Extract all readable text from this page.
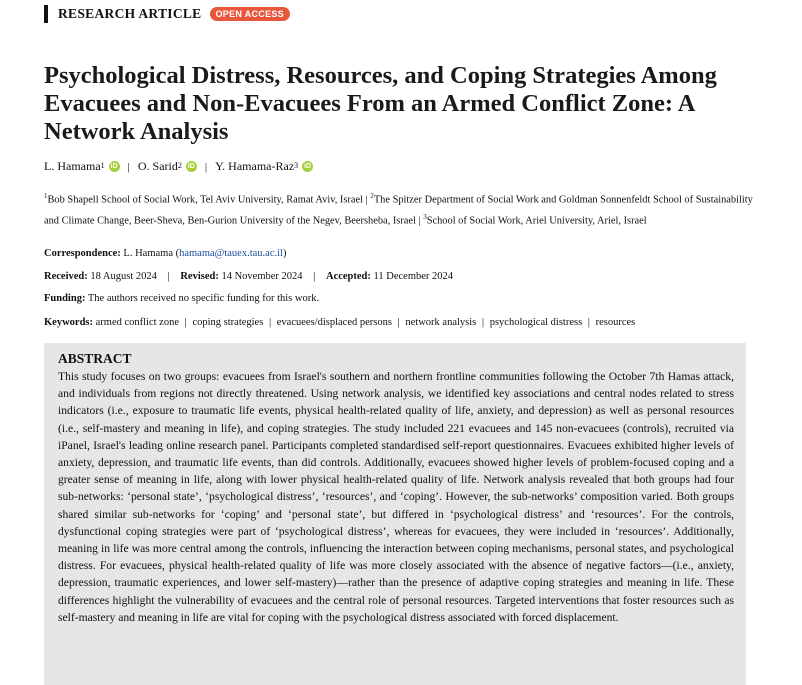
RESEARCH ARTICLE	OPEN ACCESS
Psychological Distress, Resources, and Coping Strategies Among Evacuees and Non-Evacuees From an Armed Conflict Zone: A Network Analysis
L. Hamama$^1$ iD | O. Sarid$^2$ iD | Y. Hamama-Raz$^3$ iD
$^1$Bob Shapell School of Social Work, Tel Aviv University, Ramat Aviv, Israel | $^2$The Spitzer Department of Social Work and Goldman Sonnenfeldt School of Sustainability and Climate Change, Beer-Sheva, Ben-Gurion University of the Negev, Beersheba, Israel | $^3$School of Social Work, Ariel University, Ariel, Israel
Correspondence: L. Hamama (hamama@tauex.tau.ac.il)
Received: 18 August 2024 | Revised: 14 November 2024 | Accepted: 11 December 2024
Funding: The authors received no specific funding for this work.
Keywords: armed conflict zone | coping strategies | evacuees/displaced persons | network analysis | psychological distress | resources
ABSTRACT

This study focuses on two groups: evacuees from Israel's southern and northern frontline communities following the October 7th Hamas attack, and individuals from regions not directly threatened. Using network analysis, we identified key associations and central nodes related to stress indicators (i.e., exposure to traumatic life events, physical health-related quality of life, anxiety, and depression) as well as personal resources (i.e., self-mastery and meaning in life), and coping strategies. The study included 221 evacuees and 145 non-evacuees (controls), recruited via iPanel, Israel's leading online research panel. Participants completed standardised self-report questionnaires. Evacuees exhibited higher levels of anxiety, depression, and traumatic life events, than did controls. Additionally, evacuees showed higher levels of problem-focused coping and a greater sense of meaning in life, along with lower physical health-related quality of life. Network analysis revealed that both groups had four sub-networks: ‘personal state’, ‘psychological distress’, ‘resources’, and ‘coping’. However, the sub-networks’ composition varied. Both groups shared similar sub-networks for ‘coping’ and ‘personal state’, but differed in ‘psychological distress’ and ‘resources’. For the controls, dysfunctional coping strategies were part of ‘psychological distress’, whereas for evacuees, they were included in ‘resources’. Additionally, meaning in life was more central among the controls, influencing the interaction between coping mechanisms, personal states, and psychological distress. For evacuees, physical health-related quality of life was more closely associated with the absence of negative factors—(i.e., anxiety, depression, traumatic experiences, and lower self-mastery)—rather than the presence of adaptive coping strategies and meaning in life. These differences highlight the vulnerability of evacuees and the central role of personal resources. Targeted interventions that foster resources such as self-mastery and meaning in life are vital for coping with the psychological distress associated with forced displacement.
